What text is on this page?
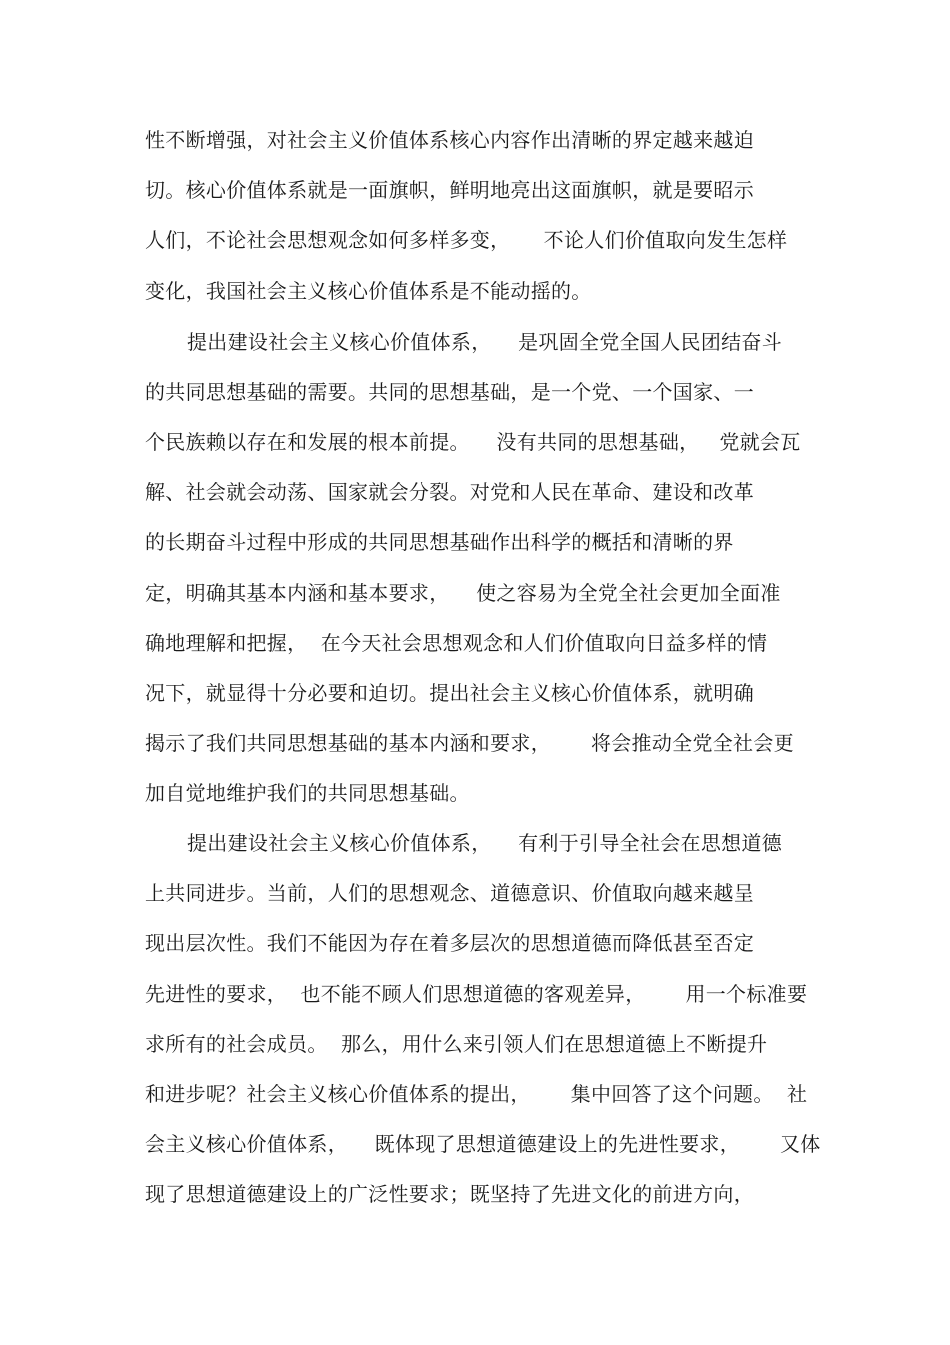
性不断增强，对社会主义价值体系核心内容作出清晰的界定越来越迫

切。核心价值体系就是一面旗帜，鲜明地亮出这面旗帜，就是要昭示

人们，不论社会思想观念如何多样多变，     不论人们价值取向发生怎样

变化，我国社会主义核心价值体系是不能动摇的。

提出建设社会主义核心价值体系，    是巩固全党全国人民团结奋斗

的共同思想基础的需要。共同的思想基础，是一个党、一个国家、一

个民族赖以存在和发展的根本前提。    没有共同的思想基础，   党就会瓦

解、社会就会动荡、国家就会分裂。对党和人民在革命、建设和改革

的长期奋斗过程中形成的共同思想基础作出科学的概括和清晰的界

定，明确其基本内涵和基本要求，    使之容易为全党全社会更加全面准

确地理解和把握，  在今天社会思想观念和人们价值取向日益多样的情

况下，就显得十分必要和迫切。提出社会主义核心价值体系，就明确

揭示了我们共同思想基础的基本内涵和要求，      将会推动全党全社会更

加自觉地维护我们的共同思想基础。

提出建设社会主义核心价值体系，    有利于引导全社会在思想道德

上共同进步。当前，人们的思想观念、道德意识、价值取向越来越呈

现出层次性。我们不能因为存在着多层次的思想道德而降低甚至否定

先进性的要求，  也不能不顾人们思想道德的客观差异，      用一个标准要

求所有的社会成员。  那么，用什么来引领人们在思想道德上不断提升

和进步呢？社会主义核心价值体系的提出，      集中回答了这个问题。  社

会主义核心价值体系，    既体现了思想道德建设上的先进性要求，      又体

现了思想道德建设上的广泛性要求；既坚持了先进文化的前进方向，
